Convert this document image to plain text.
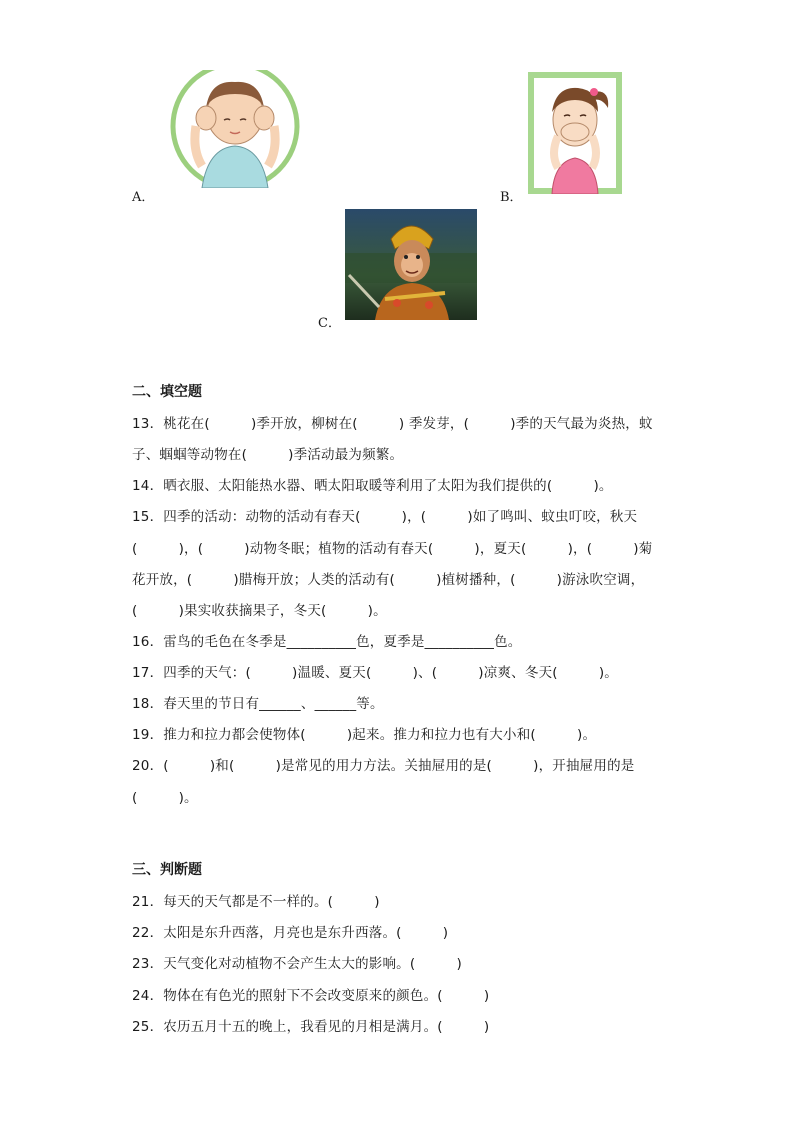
A．	B．
C．
二、填空题
13．桃花在(　　　)季开放，柳树在(　　　) 季发芽，(　　　)季的天气最为炎热，蚊
子、蝈蝈等动物在(　　　)季活动最为频繁。
14．晒衣服、太阳能热水器、晒太阳取暖等利用了太阳为我们提供的(　　　)。
15．四季的活动：动物的活动有春天(　　　)，(　　　)如了鸣叫、蚊虫叮咬，秋天
(　　　)，(　　　)动物冬眠；植物的活动有春天(　　　)，夏天(　　　)，(　　　)菊
花开放，(　　　)腊梅开放；人类的活动有(　　　)植树播种，(　　　)游泳吹空调，
(　　　)果实收获摘果子，冬天(　　　)。
16．雷鸟的毛色在冬季是__________色，夏季是__________色。
17．四季的天气：(　　　)温暖、夏天(　　　)、(　　　)凉爽、冬天(　　　)。
18．春天里的节日有______、______等。
19．推力和拉力都会使物体(　　　)起来。推力和拉力也有大小和(　　　)。
20．(　　　)和(　　　)是常见的用力方法。关抽屉用的是(　　　)，开抽屉用的是
(　　　)。
三、判断题
21．每天的天气都是不一样的。(　　　)
22．太阳是东升西落，月亮也是东升西落。(　　　)
23．天气变化对动植物不会产生太大的影响。(　　　)
24．物体在有色光的照射下不会改变原来的颜色。(　　　)
25．农历五月十五的晚上，我看见的月相是满月。(　　　)
